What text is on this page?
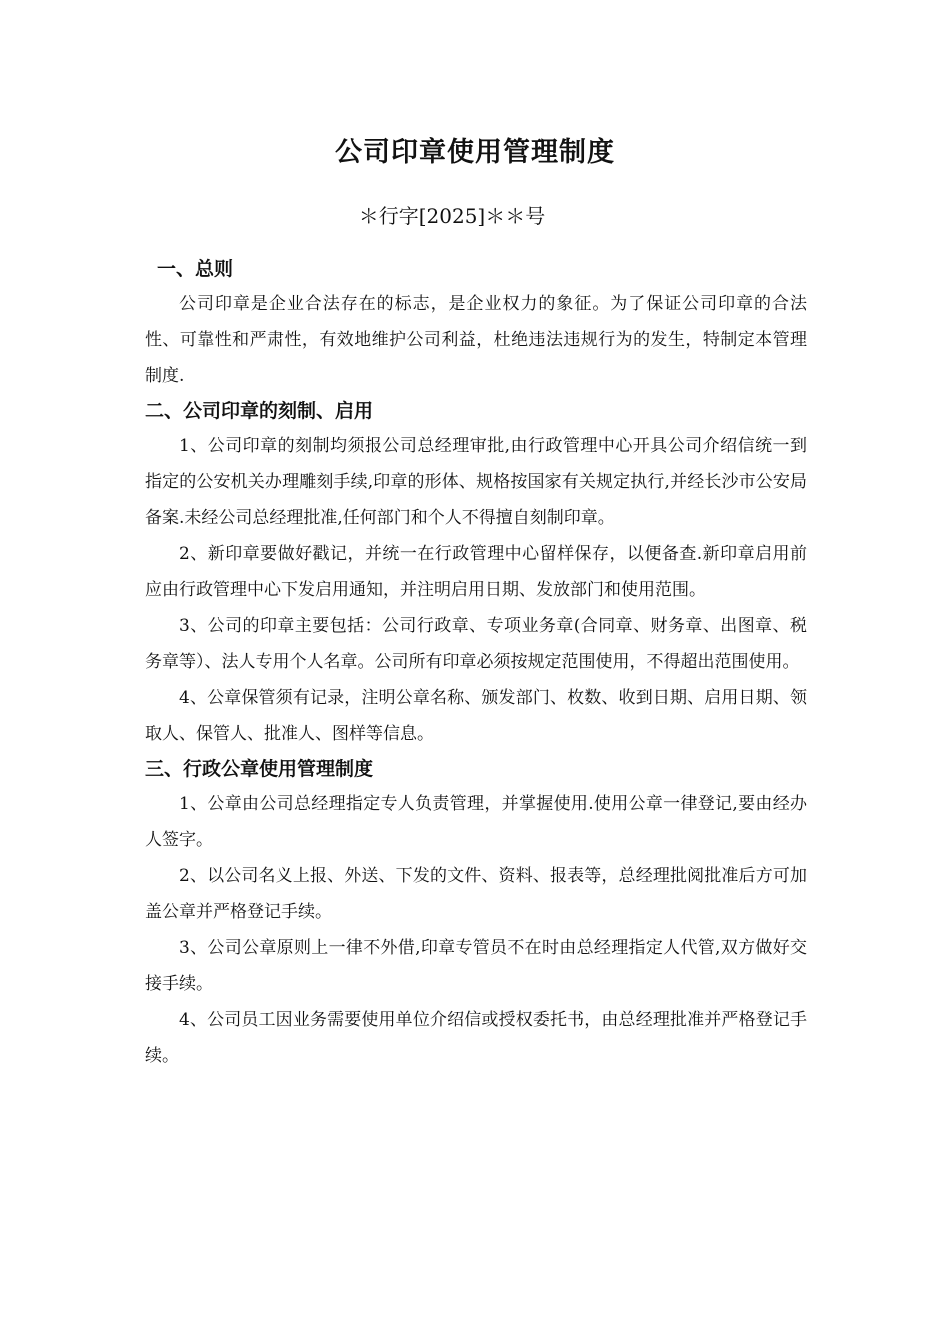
公司印章使用管理制度

＊行字[2025]＊＊号

一、总则

公司印章是企业合法存在的标志，是企业权力的象征。为了保证公司印章的合法性、可靠性和严肃性，有效地维护公司利益，杜绝违法违规行为的发生，特制定本管理制度.

二、公司印章的刻制、启用

1、公司印章的刻制均须报公司总经理审批,由行政管理中心开具公司介绍信统一到指定的公安机关办理雕刻手续,印章的形体、规格按国家有关规定执行,并经长沙市公安局备案.未经公司总经理批准,任何部门和个人不得擅自刻制印章。

2、新印章要做好戳记，并统一在行政管理中心留样保存，以便备查.新印章启用前应由行政管理中心下发启用通知，并注明启用日期、发放部门和使用范围。

3、公司的印章主要包括：公司行政章、专项业务章(合同章、财务章、出图章、税务章等）、法人专用个人名章。公司所有印章必须按规定范围使用，不得超出范围使用。

4、公章保管须有记录，注明公章名称、颁发部门、枚数、收到日期、启用日期、领取人、保管人、批准人、图样等信息。

三、行政公章使用管理制度

1、公章由公司总经理指定专人负责管理，并掌握使用.使用公章一律登记,要由经办人签字。

2、以公司名义上报、外送、下发的文件、资料、报表等，总经理批阅批准后方可加盖公章并严格登记手续。

3、公司公章原则上一律不外借,印章专管员不在时由总经理指定人代管,双方做好交接手续。

4、公司员工因业务需要使用单位介绍信或授权委托书，由总经理批准并严格登记手续。
